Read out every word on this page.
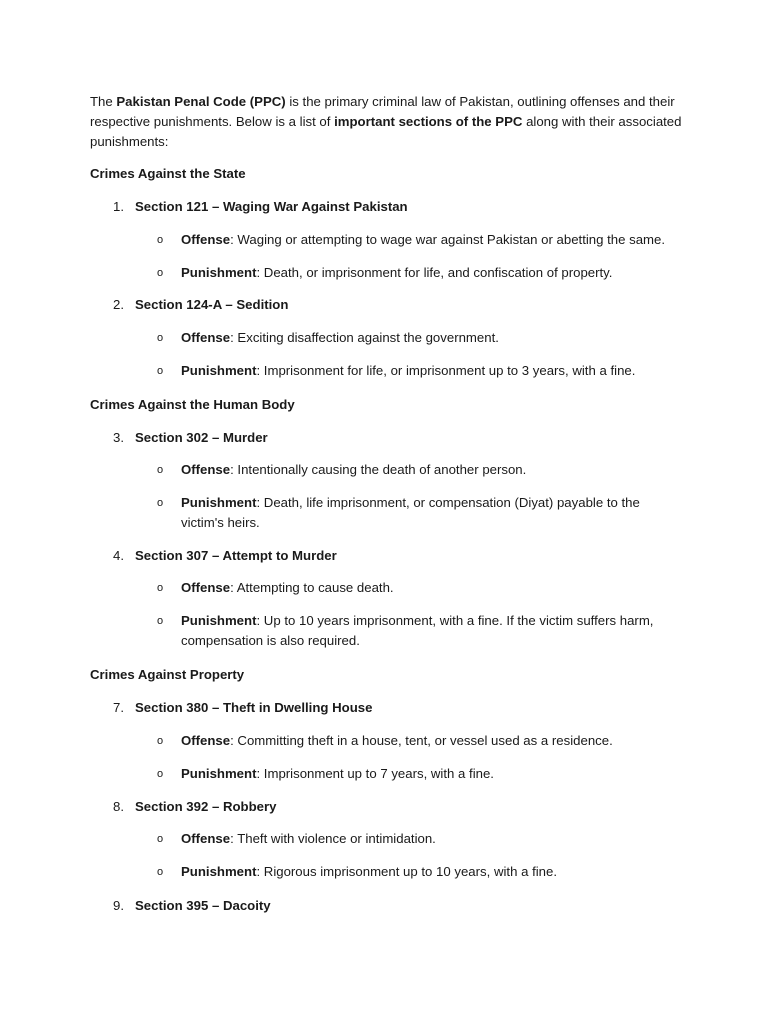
The Pakistan Penal Code (PPC) is the primary criminal law of Pakistan, outlining offenses and their respective punishments. Below is a list of important sections of the PPC along with their associated punishments:

Crimes Against the State
1. Section 121 – Waging War Against Pakistan
o Offense: Waging or attempting to wage war against Pakistan or abetting the same.
o Punishment: Death, or imprisonment for life, and confiscation of property.
2. Section 124-A – Sedition
o Offense: Exciting disaffection against the government.
o Punishment: Imprisonment for life, or imprisonment up to 3 years, with a fine.
Crimes Against the Human Body
3. Section 302 – Murder
o Offense: Intentionally causing the death of another person.
o Punishment: Death, life imprisonment, or compensation (Diyat) payable to the victim's heirs.
4. Section 307 – Attempt to Murder
o Offense: Attempting to cause death.
o Punishment: Up to 10 years imprisonment, with a fine. If the victim suffers harm, compensation is also required.
Crimes Against Property
7. Section 380 – Theft in Dwelling House
o Offense: Committing theft in a house, tent, or vessel used as a residence.
o Punishment: Imprisonment up to 7 years, with a fine.
8. Section 392 – Robbery
o Offense: Theft with violence or intimidation.
o Punishment: Rigorous imprisonment up to 10 years, with a fine.
9. Section 395 – Dacoity
